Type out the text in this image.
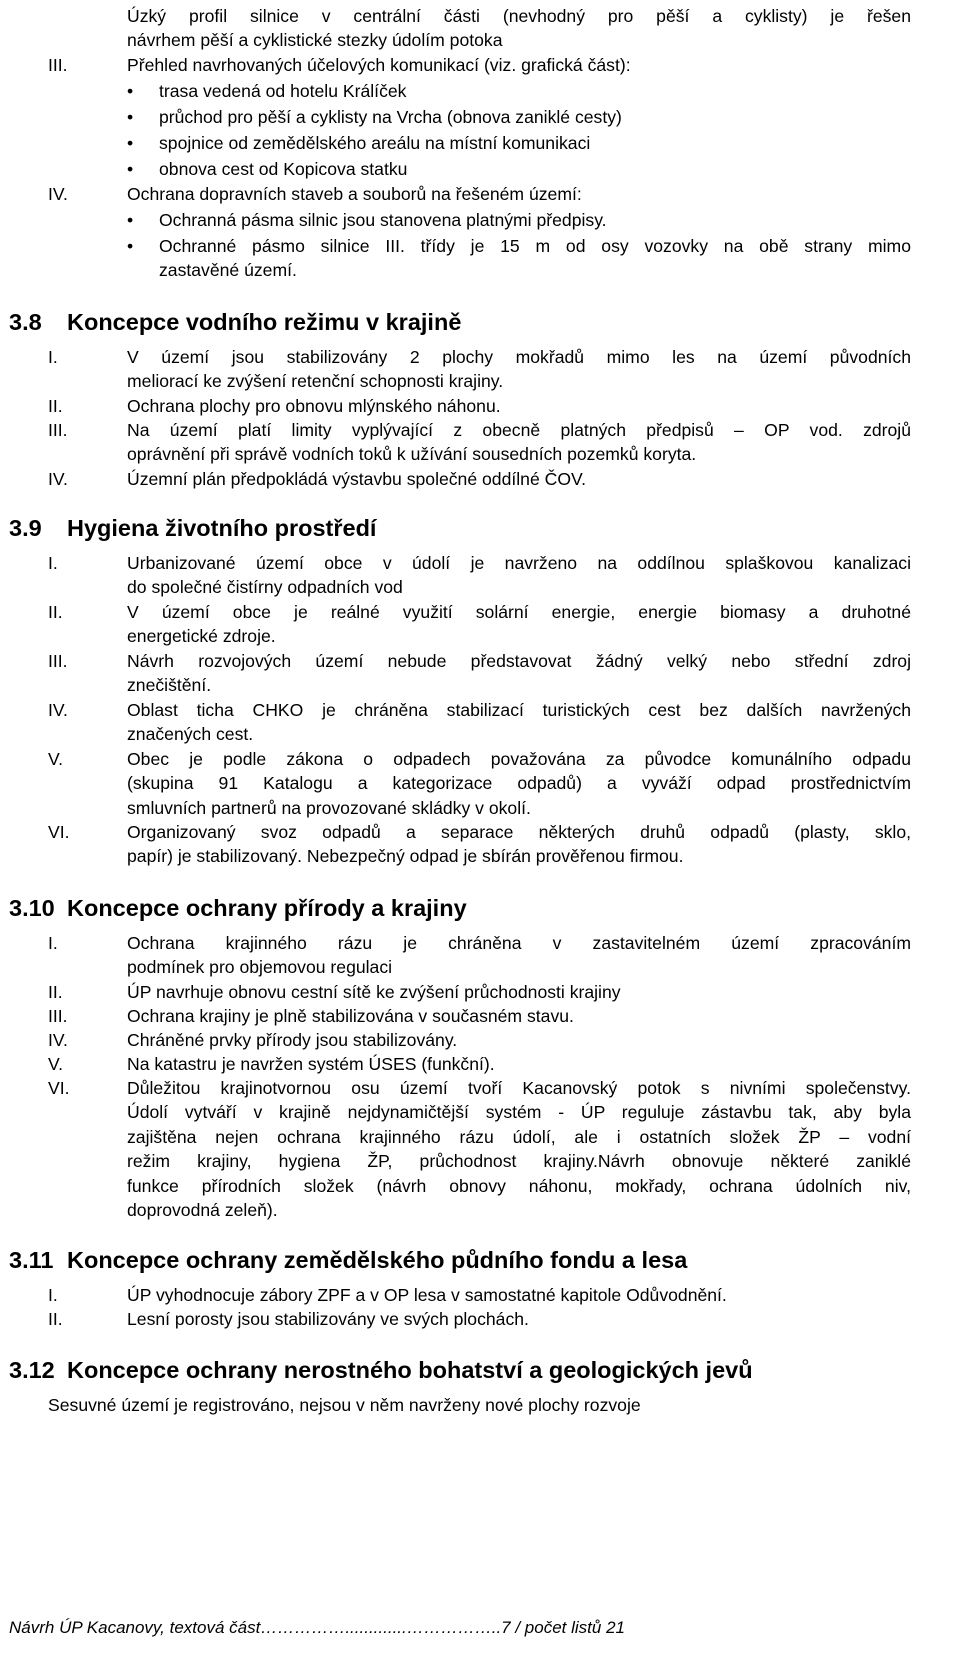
Úzký profil silnice v centrální části (nevhodný pro pěší a cyklisty) je řešen
návrhem pěší a cyklistické stezky údolím potoka
III.	Přehled navrhovaných účelových komunikací (viz. grafická část):
• trasa vedená od hotelu Králíček
• průchod pro pěší a cyklisty na Vrcha (obnova zaniklé cesty)
• spojnice od zemědělského areálu na místní komunikaci
• obnova cest od Kopicova statku
IV.	Ochrana dopravních staveb a souborů na řešeném území:
• Ochranná pásma silnic jsou stanovena platnými předpisy.
• Ochranné pásmo silnice III. třídy je 15 m od osy vozovky na obě strany mimo
zastavěné území.
3.8 Koncepce vodního režimu v krajině
I.	V území jsou stabilizovány 2 plochy mokřadů mimo les na území původních
meliorací ke zvýšení retenční schopnosti krajiny.
II.	Ochrana plochy pro obnovu mlýnského náhonu.
III.	Na území platí limity vyplývající z obecně platných předpisů – OP vod. zdrojů
oprávnění při správě vodních toků k užívání sousedních pozemků koryta.
IV.	Územní plán předpokládá výstavbu společné oddílné ČOV.
3.9 Hygiena životního prostředí
I.	Urbanizované území obce v údolí je navrženo na oddílnou splaškovou kanalizaci
do společné čistírny odpadních vod
II.	V území obce je reálné využití solární energie, energie biomasy a druhotné
energetické zdroje.
III.	Návrh rozvojových území nebude představovat žádný velký nebo střední zdroj
znečištění.
IV.	Oblast ticha CHKO je chráněna stabilizací turistických cest bez dalších navržených
značených cest.
V.	Obec je podle zákona o odpadech považována za původce komunálního odpadu
(skupina 91 Katalogu a kategorizace odpadů) a vyváží odpad prostřednictvím
smluvních partnerů na provozované skládky v okolí.
VI.	Organizovaný svoz odpadů a separace některých druhů odpadů (plasty, sklo,
papír) je stabilizovaný. Nebezpečný odpad je sbírán prověřenou firmou.
3.10 Koncepce ochrany přírody a krajiny
I.	Ochrana krajinného rázu je chráněna v zastavitelném území zpracováním
podmínek pro objemovou regulaci
II.	ÚP navrhuje obnovu cestní sítě ke zvýšení průchodnosti krajiny
III.	Ochrana krajiny je plně stabilizována v současném stavu.
IV.	Chráněné prvky přírody jsou stabilizovány.
V.	Na katastru je navržen systém ÚSES (funkční).
VI.	Důležitou krajinotvornou osu území tvoří Kacanovský potok s nivními společenstvy.
Údolí vytváří v krajině nejdynamičtější systém - ÚP reguluje zástavbu tak, aby byla
zajištěna nejen ochrana krajinného rázu údolí, ale i ostatních složek ŽP – vodní
režim krajiny, hygiena ŽP, průchodnost krajiny.Návrh obnovuje některé zaniklé
funkce přírodních složek (návrh obnovy náhonu, mokřady, ochrana údolních niv,
doprovodná zeleň).
3.11 Koncepce ochrany zemědělského půdního fondu a lesa
I.	ÚP vyhodnocuje zábory ZPF a v OP lesa v samostatné kapitole Odůvodnění.
II.	Lesní porosty jsou stabilizovány ve svých plochách.
3.12 Koncepce ochrany nerostného bohatství a geologických jevů
Sesuvné území je registrováno, nejsou v něm navrženy nové plochy rozvoje
Návrh ÚP Kacanovy, textová část…………….............……………..7 / počet listů 21
